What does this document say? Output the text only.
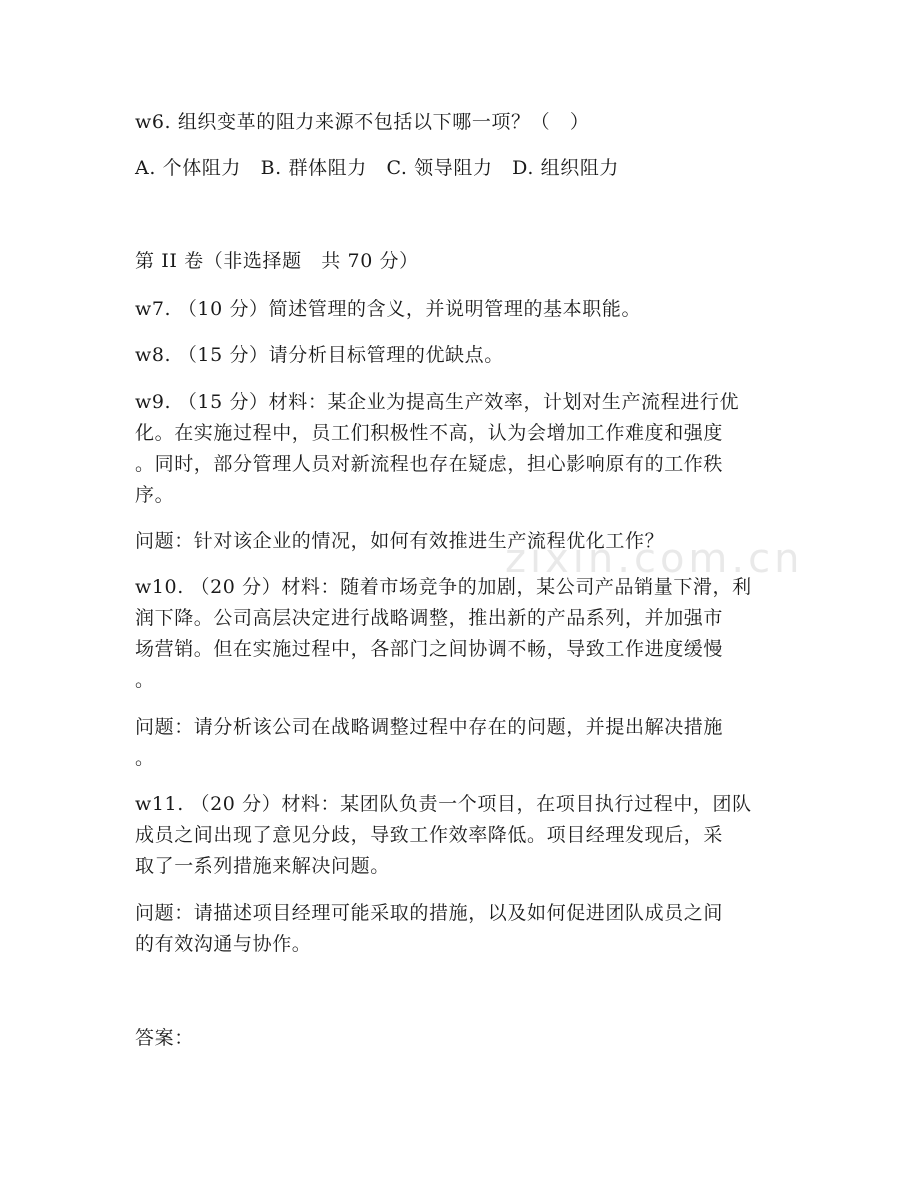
zixin.com.cn
w6. 组织变革的阻力来源不包括以下哪一项？（　）
A. 个体阻力　B. 群体阻力　C. 领导阻力　D. 组织阻力
第 II 卷（非选择题　共 70 分）
w7. （10 分）简述管理的含义，并说明管理的基本职能。
w8. （15 分）请分析目标管理的优缺点。
w9. （15 分）材料：某企业为提高生产效率，计划对生产流程进行优
化。在实施过程中，员工们积极性不高，认为会增加工作难度和强度
。同时，部分管理人员对新流程也存在疑虑，担心影响原有的工作秩
序。
问题：针对该企业的情况，如何有效推进生产流程优化工作？
w10. （20 分）材料：随着市场竞争的加剧，某公司产品销量下滑，利
润下降。公司高层决定进行战略调整，推出新的产品系列，并加强市
场营销。但在实施过程中，各部门之间协调不畅，导致工作进度缓慢
。
问题：请分析该公司在战略调整过程中存在的问题，并提出解决措施
。
w11. （20 分）材料：某团队负责一个项目，在项目执行过程中，团队
成员之间出现了意见分歧，导致工作效率降低。项目经理发现后，采
取了一系列措施来解决问题。
问题：请描述项目经理可能采取的措施，以及如何促进团队成员之间
的有效沟通与协作。
答案：
